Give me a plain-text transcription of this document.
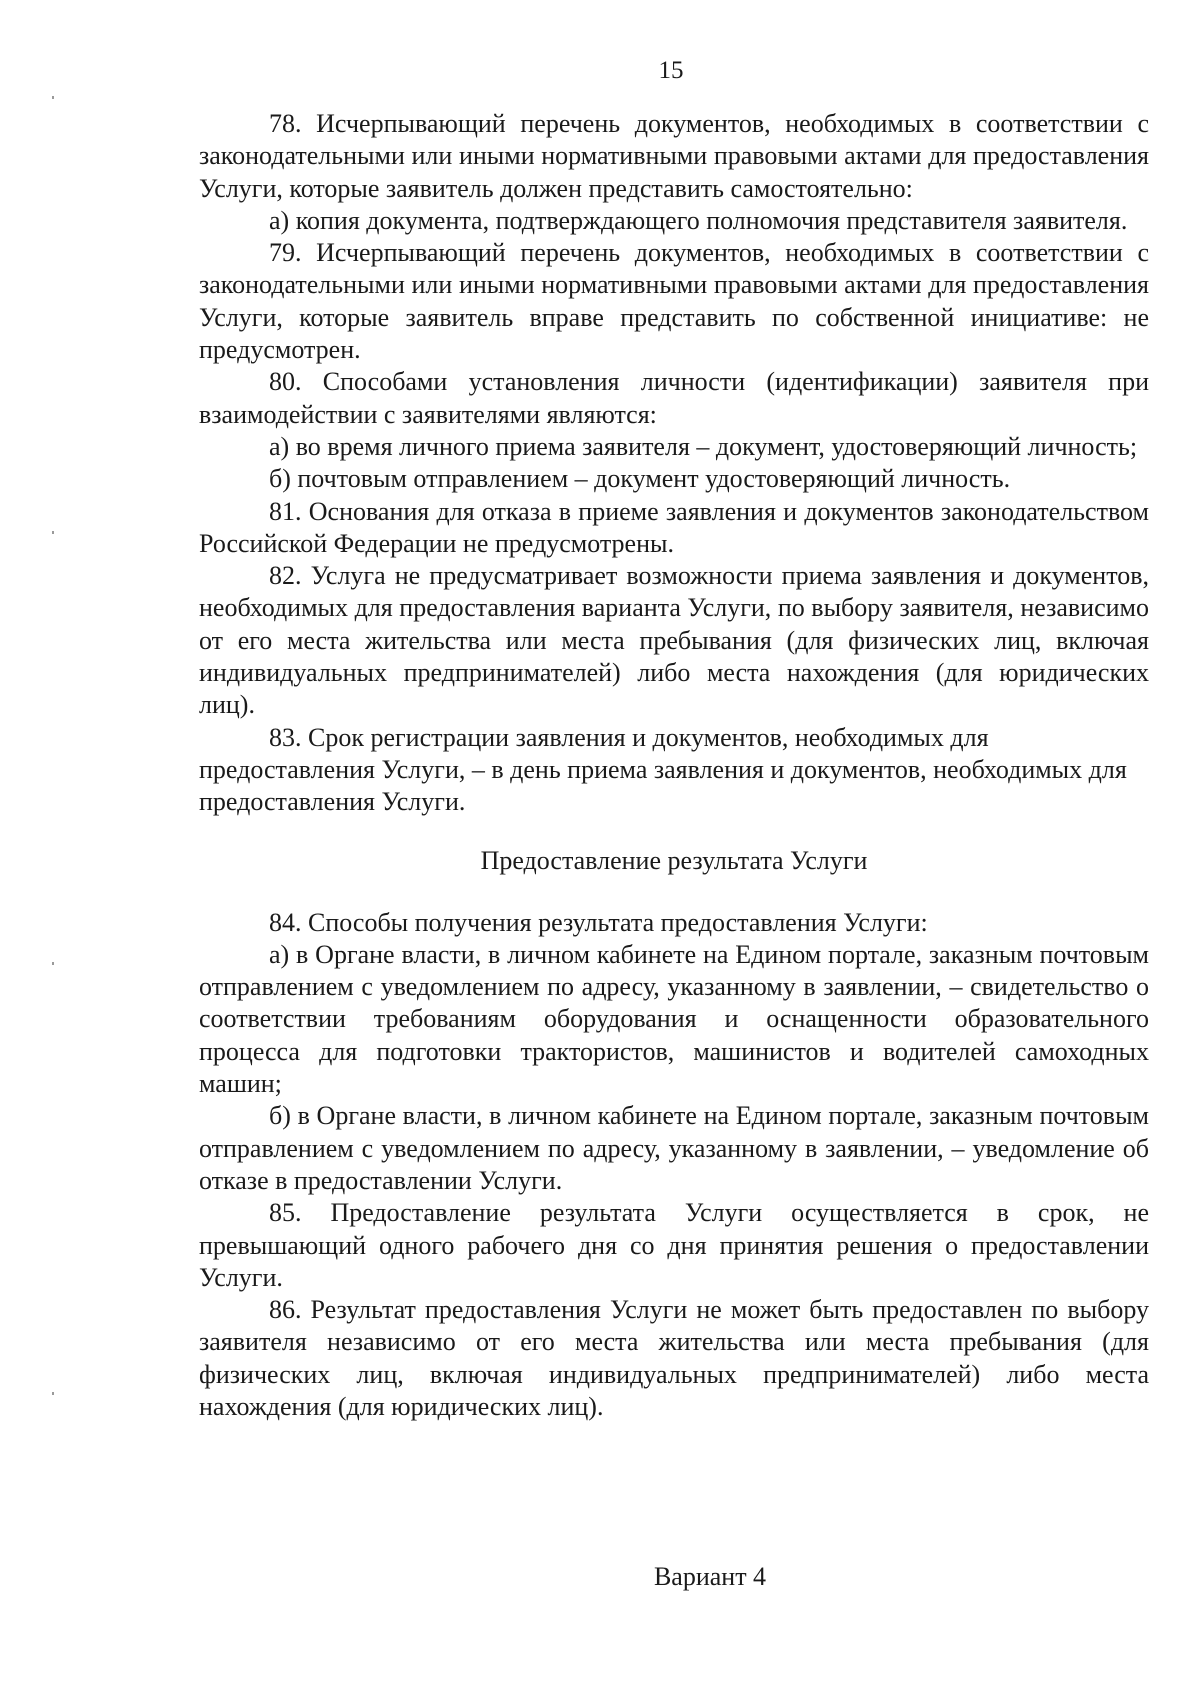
15

78. Исчерпывающий перечень документов, необходимых в соответствии с законодательными или иными нормативными правовыми актами для предоставления Услуги, которые заявитель должен представить самостоятельно:

а) копия документа, подтверждающего полномочия представителя заявителя.

79. Исчерпывающий перечень документов, необходимых в соответствии с законодательными или иными нормативными правовыми актами для предоставления Услуги, которые заявитель вправе представить по собственной инициативе: не предусмотрен.

80. Способами установления личности (идентификации) заявителя при взаимодействии с заявителями являются:

а) во время личного приема заявителя – документ, удостоверяющий личность;

б) почтовым отправлением – документ удостоверяющий личность.

81. Основания для отказа в приеме заявления и документов законодательством Российской Федерации не предусмотрены.

82. Услуга не предусматривает возможности приема заявления и документов, необходимых для предоставления варианта Услуги, по выбору заявителя, независимо от его места жительства или места пребывания (для физических лиц, включая индивидуальных предпринимателей) либо места нахождения (для юридических лиц).

83. Срок регистрации заявления и документов, необходимых для предоставления Услуги, – в день приема заявления и документов, необходимых для предоставления Услуги.

Предоставление результата Услуги

84. Способы получения результата предоставления Услуги:

а) в Органе власти, в личном кабинете на Едином портале, заказным почтовым отправлением с уведомлением по адресу, указанному в заявлении, – свидетельство о соответствии требованиям оборудования и оснащенности образовательного процесса для подготовки трактористов, машинистов и водителей самоходных машин;

б) в Органе власти, в личном кабинете на Едином портале, заказным почтовым отправлением с уведомлением по адресу, указанному в заявлении, – уведомление об отказе в предоставлении Услуги.

85. Предоставление результата Услуги осуществляется в срок, не превышающий одного рабочего дня со дня принятия решения о предоставлении Услуги.

86. Результат предоставления Услуги не может быть предоставлен по выбору заявителя независимо от его места жительства или места пребывания (для физических лиц, включая индивидуальных предпринимателей) либо места нахождения (для юридических лиц).

Вариант 4
